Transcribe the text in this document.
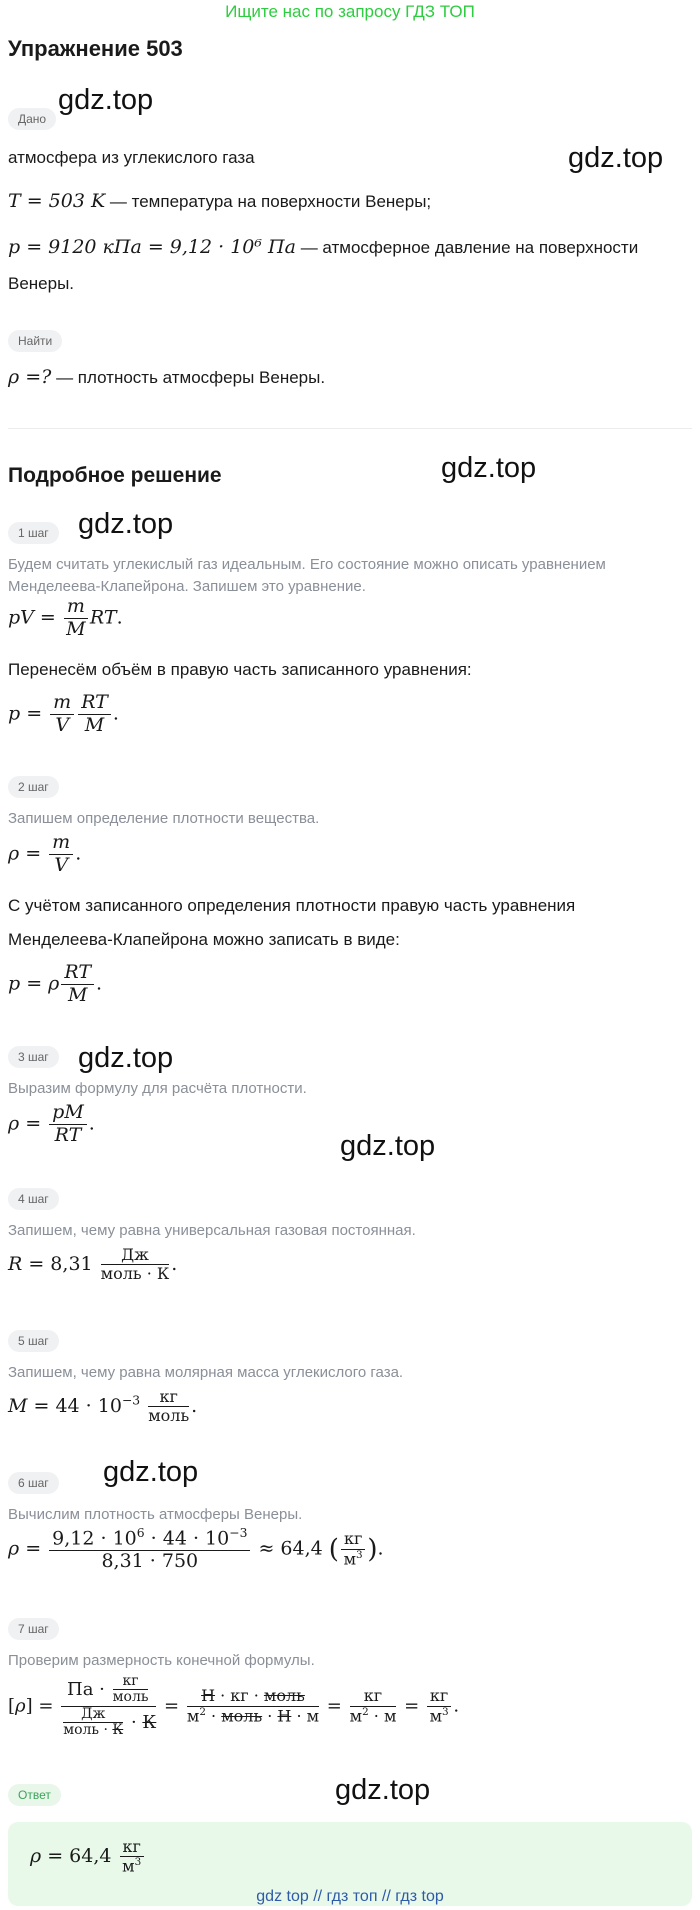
Ищите нас по запросу ГДЗ ТОП
Упражнение 503
gdz.top
gdz.top
gdz.top
gdz.top
gdz.top
gdz.top
gdz.top
gdz.top
Дано
атмосфера из углекислого газа
T = 503 K — температура на поверхности Венеры;
p = 9120 кПа = 9,12 · 10⁶ Па — атмосферное давление на поверхности
Венеры.
Найти
ρ =? — плотность атмосферы Венеры.
Подробное решение
1 шаг
Будем считать углекислый газ идеальным. Его состояние можно описать уравнением
Менделеева-Клапейрона. Запишем это уравнение.
pV = $\frac{m}{M}$ RT.
Перенесём объём в правую часть записанного уравнения:
$p = \frac{m}{V} \frac{RT}{M}$ .
2 шаг
Запишем определение плотности вещества.
$\rho = \frac{m}{V}$ .
С учётом записанного определения плотности правую часть уравнения
Менделеева-Клапейрона можно записать в виде:
p = ρ $\frac{RT}{M}$ .
3 шаг
Выразим формулу для расчёта плотности.
$\rho = \frac{pM}{RT}$ .
4 шаг
Запишем, чему равна универсальная газовая постоянная.
$R = 8,31 \frac{Дж}{\text{моль · К}}$ .
5 шаг
Запишем, чему равна молярная масса углекислого газа.
$M = 44 \cdot 10^{-3} \frac{кг}{\text{моль}}$ .
6 шаг
Вычислим плотность атмосферы Венеры.
$\rho = \frac{9,12 \cdot 10^6 \cdot 44 \cdot 10^{-3}}{8,31 \cdot 750} \approx 64,4$ ( $\frac{кг}{м^3}$ ).
7 шаг
Проверим размерность конечной формулы.
$[\rho] = \frac{Па \cdot \frac{кг}{\text{моль}}}{\frac{Дж}{\text{моль · К}} \cdot К} = \frac{\text{Н · кг · моль}}{м^2 \cdot моль \cdot Н \cdot м} = \frac{кг}{м^2 \cdot м} = \frac{кг}{м^3}$ .
Ответ
$\rho = 64,4 \frac{кг}{м^3}$
gdz top // гдз топ // гдз top
